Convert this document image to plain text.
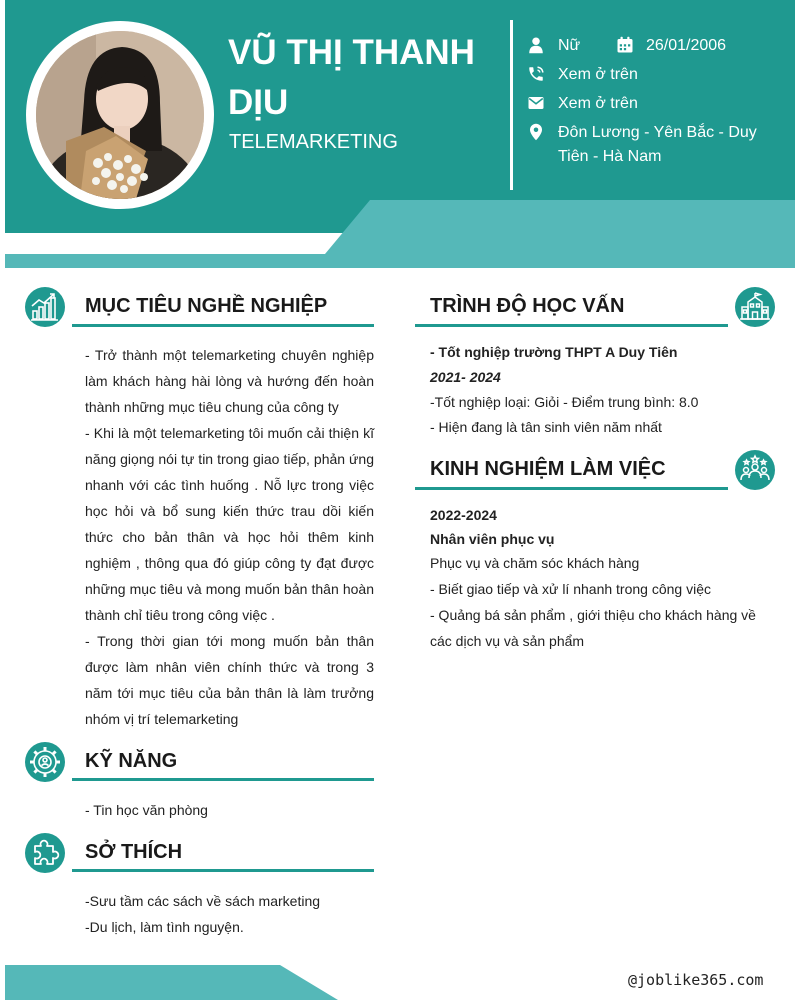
VŨ THỊ THANH DỊU
TELEMARKETING
Nữ	26/01/2006
Xem ở trên
Xem ở trên
Đôn Lương - Yên Bắc - Duy Tiên - Hà Nam
MỤC TIÊU NGHỀ NGHIỆP

- Trở thành một telemarketing chuyên nghiệp làm khách hàng hài lòng và hướng đến hoàn thành những mục tiêu chung của công ty

- Khi là một telemarketing tôi muốn cải thiện kĩ năng giọng nói tự tin trong giao tiếp, phản ứng nhanh với các tình huống . Nỗ lực trong việc học hỏi và bổ sung kiến thức trau dồi kiến thức cho bản thân và học hỏi thêm kinh nghiệm , thông qua đó giúp công ty đạt được những mục tiêu và mong muốn bản thân hoàn thành chỉ tiêu trong công việc .

- Trong thời gian tới mong muốn bản thân được làm nhân viên chính thức và trong 3 năm tới mục tiêu của bản thân là làm trưởng nhóm vị trí telemarketing

KỸ NĂNG

- Tin học văn phòng

SỞ THÍCH

-Sưu tầm các sách về sách marketing

-Du lịch, làm tình nguyện.

TRÌNH ĐỘ HỌC VẤN

- Tốt nghiệp trường THPT A Duy Tiên

2021- 2024

-Tốt nghiệp loại: Giỏi - Điểm trung bình: 8.0

- Hiện đang là tân sinh viên năm nhất

KINH NGHIỆM LÀM VIỆC

2022-2024

Nhân viên phục vụ

Phục vụ và chăm sóc khách hàng

- Biết giao tiếp và xử lí nhanh trong công việc

- Quảng bá sản phẩm , giới thiệu cho khách hàng về các dịch vụ và sản phẩm

@joblike365.com
